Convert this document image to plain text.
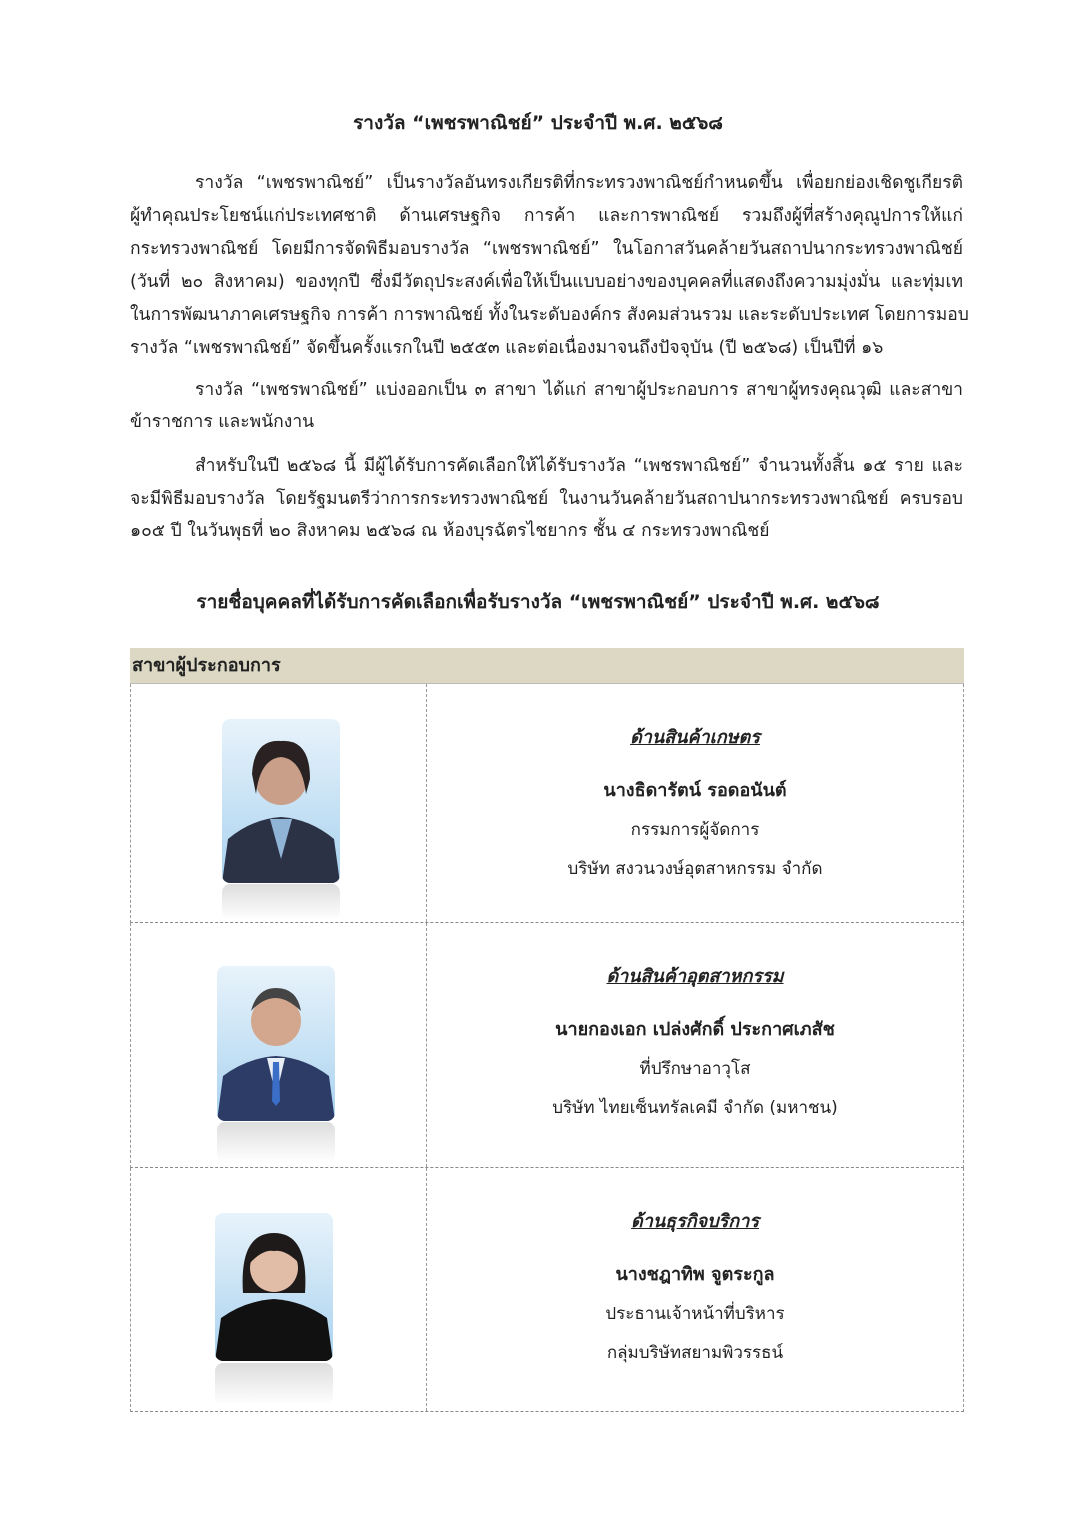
รางวัล “เพชรพาณิชย์” ประจำปี พ.ศ. ๒๕๖๘
รางวัล “เพชรพาณิชย์” เป็นรางวัลอันทรงเกียรติที่กระทรวงพาณิชย์กำหนดขึ้น เพื่อยกย่องเชิดชูเกียรติ
ผู้ทำคุณประโยชน์แก่ประเทศชาติ ด้านเศรษฐกิจ การค้า และการพาณิชย์ รวมถึงผู้ที่สร้างคุณูปการให้แก่
กระทรวงพาณิชย์ โดยมีการจัดพิธีมอบรางวัล “เพชรพาณิชย์” ในโอกาสวันคล้ายวันสถาปนากระทรวงพาณิชย์
(วันที่ ๒๐ สิงหาคม) ของทุกปี ซึ่งมีวัตถุประสงค์เพื่อให้เป็นแบบอย่างของบุคคลที่แสดงถึงความมุ่งมั่น และทุ่มเท
ในการพัฒนาภาคเศรษฐกิจ การค้า การพาณิชย์ ทั้งในระดับองค์กร สังคมส่วนรวม และระดับประเทศ โดยการมอบ
รางวัล “เพชรพาณิชย์” จัดขึ้นครั้งแรกในปี ๒๕๕๓ และต่อเนื่องมาจนถึงปัจจุบัน (ปี ๒๕๖๘) เป็นปีที่ ๑๖
รางวัล “เพชรพาณิชย์” แบ่งออกเป็น ๓ สาขา ได้แก่ สาขาผู้ประกอบการ สาขาผู้ทรงคุณวุฒิ และสาขา
ข้าราชการ และพนักงาน
สำหรับในปี ๒๕๖๘ นี้ มีผู้ได้รับการคัดเลือกให้ได้รับรางวัล “เพชรพาณิชย์” จำนวนทั้งสิ้น ๑๕ ราย และ
จะมีพิธีมอบรางวัล โดยรัฐมนตรีว่าการกระทรวงพาณิชย์ ในงานวันคล้ายวันสถาปนากระทรวงพาณิชย์ ครบรอบ
๑๐๕ ปี ในวันพุธที่ ๒๐ สิงหาคม ๒๕๖๘ ณ ห้องบุรฉัตรไชยากร ชั้น ๔ กระทรวงพาณิชย์
รายชื่อบุคคลที่ได้รับการคัดเลือกเพื่อรับรางวัล “เพชรพาณิชย์” ประจำปี พ.ศ. ๒๕๖๘
สาขาผู้ประกอบการ
ด้านสินค้าเกษตร
นางธิดารัตน์ รอดอนันต์
กรรมการผู้จัดการ
บริษัท สงวนวงษ์อุตสาหกรรม จำกัด
ด้านสินค้าอุตสาหกรรม
นายกองเอก เปล่งศักดิ์ ประกาศเภสัช
ที่ปรึกษาอาวุโส
บริษัท ไทยเซ็นทรัลเคมี จำกัด (มหาชน)
ด้านธุรกิจบริการ
นางชฎาทิพ จูตระกูล
ประธานเจ้าหน้าที่บริหาร
กลุ่มบริษัทสยามพิวรรธน์
